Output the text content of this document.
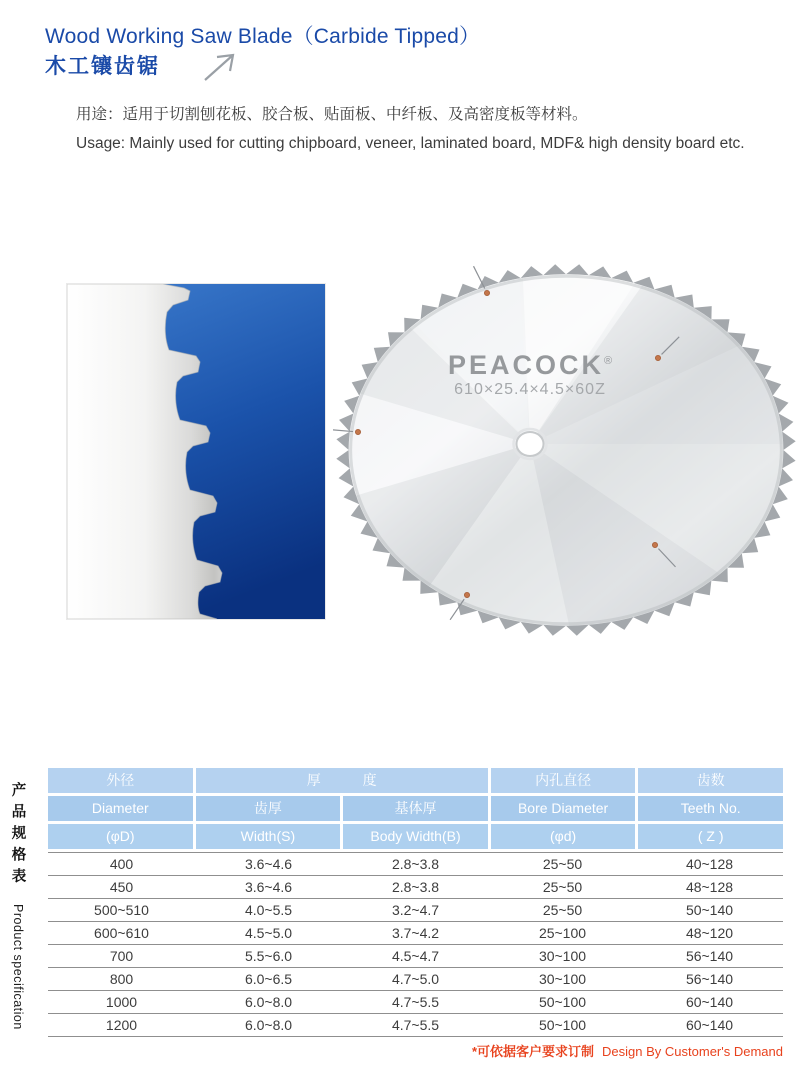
Wood Working Saw Blade（Carbide Tipped）
木工镶齿锯

用途：适用于切割刨花板、胶合板、贴面板、中纤板、及高密度板等材料。

Usage: Mainly used for cutting chipboard, veneer, laminated board, MDF& high density board etc.

PEACOCK®
610×25.4×4.5×60Z
产品规格表
Product specification
外径	厚　　　度	内孔直径	齿数
Diameter	齿厚	基体厚	Bore Diameter	Teeth No.
(φD)	Width(S)	Body Width(B)	(φd)	( Z )
400	3.6~4.6	2.8~3.8	25~50	40~128
450	3.6~4.6	2.8~3.8	25~50	48~128
500~510	4.0~5.5	3.2~4.7	25~50	50~140
600~610	4.5~5.0	3.7~4.2	25~100	48~120
700	5.5~6.0	4.5~4.7	30~100	56~140
800	6.0~6.5	4.7~5.0	30~100	56~140
1000	6.0~8.0	4.7~5.5	50~100	60~140
1200	6.0~8.0	4.7~5.5	50~100	60~140
*可依据客户要求订制 Design By Customer's Demand
